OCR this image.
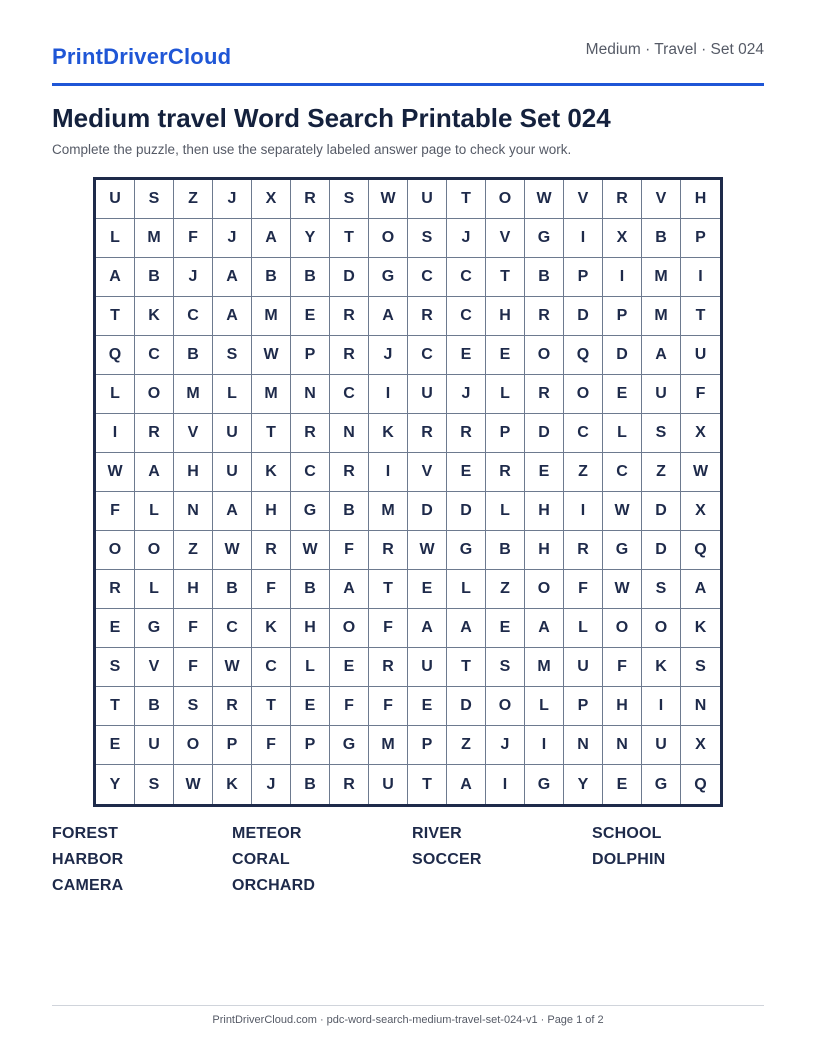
PrintDriverCloud	Medium · Travel · Set 024
Medium travel Word Search Printable Set 024

Complete the puzzle, then use the separately labeled answer page to check your work.

U	S	Z	J	X	R	S	W	U	T	O	W	V	R	V	H
L	M	F	J	A	Y	T	O	S	J	V	G	I	X	B	P
A	B	J	A	B	B	D	G	C	C	T	B	P	I	M	I
T	K	C	A	M	E	R	A	R	C	H	R	D	P	M	T
Q	C	B	S	W	P	R	J	C	E	E	O	Q	D	A	U
L	O	M	L	M	N	C	I	U	J	L	R	O	E	U	F
I	R	V	U	T	R	N	K	R	R	P	D	C	L	S	X
W	A	H	U	K	C	R	I	V	E	R	E	Z	C	Z	W
F	L	N	A	H	G	B	M	D	D	L	H	I	W	D	X
O	O	Z	W	R	W	F	R	W	G	B	H	R	G	D	Q
R	L	H	B	F	B	A	T	E	L	Z	O	F	W	S	A
E	G	F	C	K	H	O	F	A	A	E	A	L	O	O	K
S	V	F	W	C	L	E	R	U	T	S	M	U	F	K	S
T	B	S	R	T	E	F	F	E	D	O	L	P	H	I	N
E	U	O	P	F	P	G	M	P	Z	J	I	N	N	U	X
Y	S	W	K	J	B	R	U	T	A	I	G	Y	E	G	Q
FOREST	METEOR	RIVER	SCHOOL
HARBOR	CORAL	SOCCER	DOLPHIN
CAMERA	ORCHARD
PrintDriverCloud.com · pdc-word-search-medium-travel-set-024-v1 · Page 1 of 2
